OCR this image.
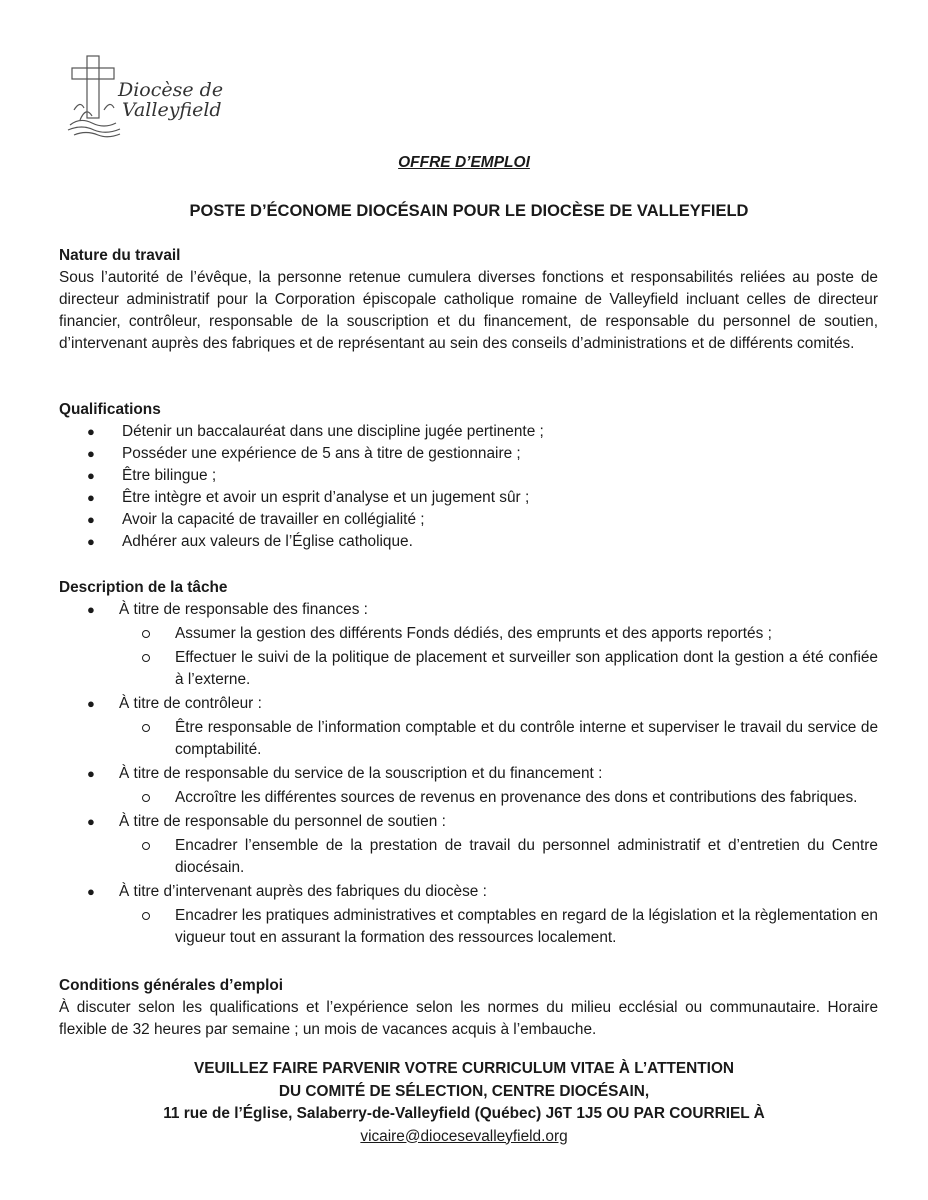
Diocèse de
Valleyfield
OFFRE D’EMPLOI
POSTE D’ÉCONOME DIOCÉSAIN POUR LE DIOCÈSE DE VALLEYFIELD

Nature du travail

Sous l’autorité de l’évêque, la personne retenue cumulera diverses fonctions et responsabilités reliées au poste de directeur administratif pour la Corporation épiscopale catholique romaine de Valleyfield incluant celles de directeur financier, contrôleur, responsable de la souscription et du financement, de responsable du personnel de soutien, d’intervenant auprès des fabriques et de représentant au sein des conseils d’administrations et de différents comités.

Qualifications

● Détenir un baccalauréat dans une discipline jugée pertinente ;
● Posséder une expérience de 5 ans à titre de gestionnaire ;
● Être bilingue ;
● Être intègre et avoir un esprit d’analyse et un jugement sûr ;
● Avoir la capacité de travailler en collégialité ;
● Adhérer aux valeurs de l’Église catholique.

Description de la tâche

● À titre de responsable des finances :
Assumer la gestion des différents Fonds dédiés, des emprunts et des apports reportés ;
Effectuer le suivi de la politique de placement et surveiller son application dont la gestion a été confiée à l’externe.
● À titre de contrôleur :
Être responsable de l’information comptable et du contrôle interne et superviser le travail du service de comptabilité.
● À titre de responsable du service de la souscription et du financement :
Accroître les différentes sources de revenus en provenance des dons et contributions des fabriques.
● À titre de responsable du personnel de soutien :
Encadrer l’ensemble de la prestation de travail du personnel administratif et d’entretien du Centre diocésain.
● À titre d’intervenant auprès des fabriques du diocèse :
Encadrer les pratiques administratives et comptables en regard de la législation et la règlementation en vigueur tout en assurant la formation des ressources localement.

Conditions générales d’emploi

À discuter selon les qualifications et l’expérience selon les normes du milieu ecclésial ou communautaire. Horaire flexible de 32 heures par semaine ; un mois de vacances acquis à l’embauche.

VEUILLEZ FAIRE PARVENIR VOTRE CURRICULUM VITAE À L’ATTENTION
DU COMITÉ DE SÉLECTION, CENTRE DIOCÉSAIN,
11 rue de l’Église, Salaberry-de-Valleyfield (Québec) J6T 1J5 OU PAR COURRIEL À
vicaire@diocesevalleyfield.org
